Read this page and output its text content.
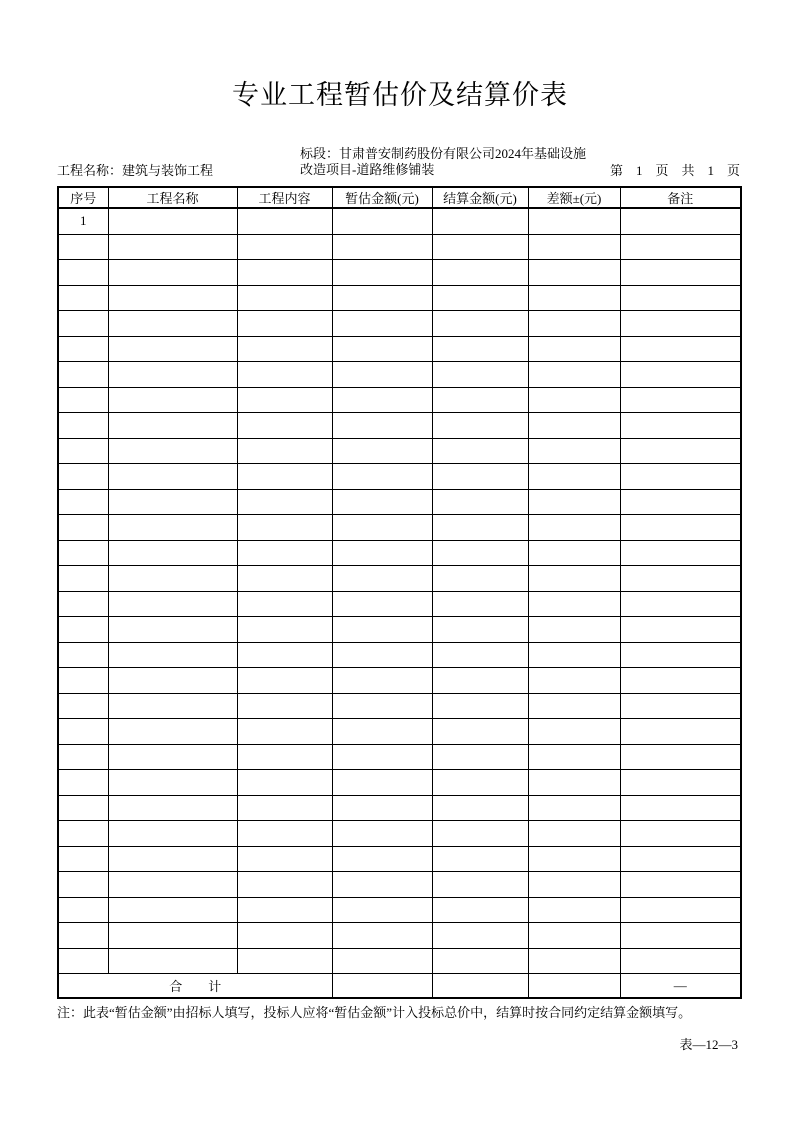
专业工程暂估价及结算价表
工程名称：建筑与装饰工程
标段：甘肃普安制药股份有限公司2024年基础设施改造项目-道路维修铺装	第　1　页　共　1　页
序号	工程名称	工程内容	暂估金额(元)	结算金额(元)	差额±(元)	备注
1						

合　　计						—
注：此表“暂估金额”由招标人填写，投标人应将“暂估金额”计入投标总价中，结算时按合同约定结算金额填写。
表—12—3
